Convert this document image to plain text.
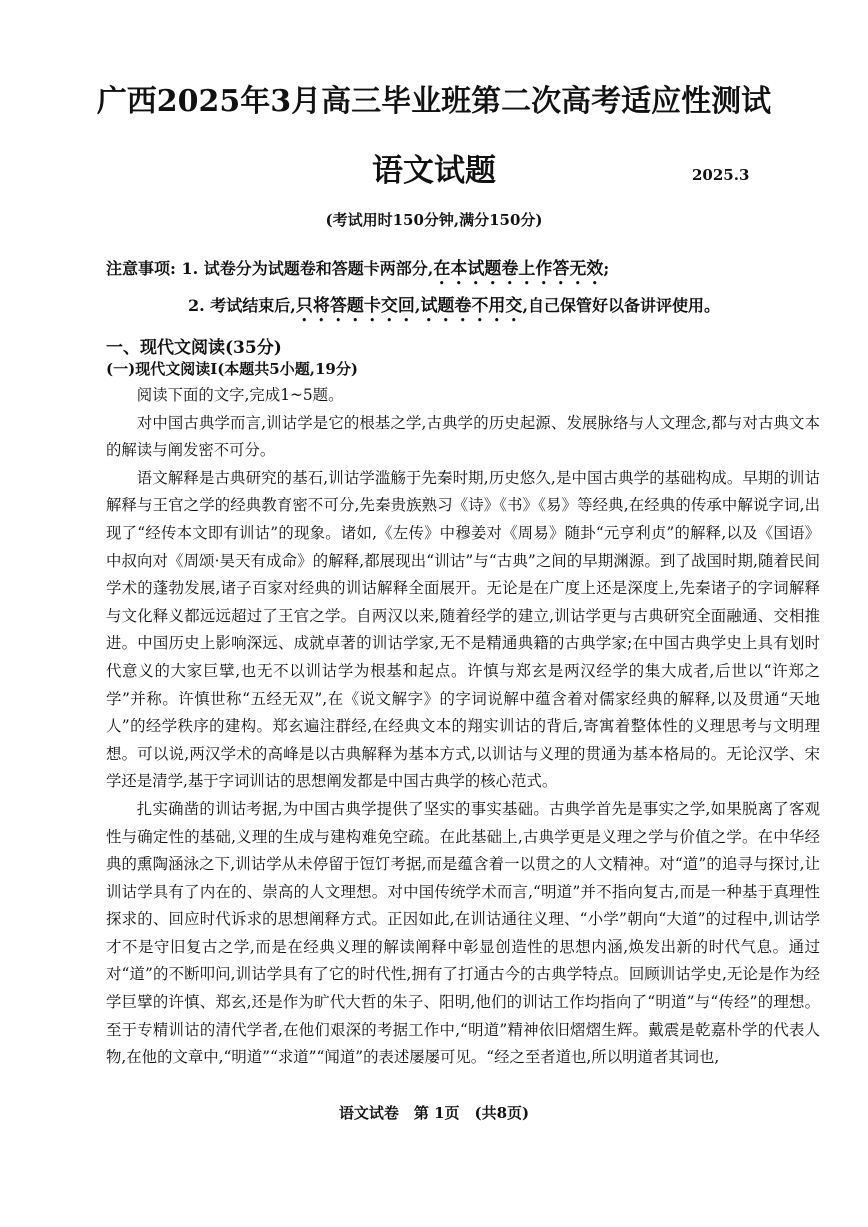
广西2025年3月高三毕业班第二次高考适应性测试
语文试题	2025.3
(考试用时150分钟,满分150分)
注意事项: 1. 试卷分为试题卷和答题卡两部分,在本试题卷上作答无效;
2. 考试结束后,只将答题卡交回,试题卷不用交,自己保管好以备讲评使用。
一、现代文阅读(35分)
(一)现代文阅读Ⅰ(本题共5小题,19分)

阅读下面的文字,完成1~5题。

对中国古典学而言,训诂学是它的根基之学,古典学的历史起源、发展脉络与人文理念,都与对古典文本的解读与阐发密不可分。

语文解释是古典研究的基石,训诂学滥觞于先秦时期,历史悠久,是中国古典学的基础构成。早期的训诂解释与王官之学的经典教育密不可分,先秦贵族熟习《诗》《书》《易》等经典,在经典的传承中解说字词,出现了“经传本文即有训诂”的现象。诸如,《左传》中穆姜对《周易》随卦“元亨利贞”的解释,以及《国语》中叔向对《周颂·昊天有成命》的解释,都展现出“训诂”与“古典”之间的早期渊源。到了战国时期,随着民间学术的蓬勃发展,诸子百家对经典的训诂解释全面展开。无论是在广度上还是深度上,先秦诸子的字词解释与文化释义都远远超过了王官之学。自两汉以来,随着经学的建立,训诂学更与古典研究全面融通、交相推进。中国历史上影响深远、成就卓著的训诂学家,无不是精通典籍的古典学家;在中国古典学史上具有划时代意义的大家巨擘,也无不以训诂学为根基和起点。许慎与郑玄是两汉经学的集大成者,后世以“许郑之学”并称。许慎世称“五经无双”,在《说文解字》的字词说解中蕴含着对儒家经典的解释,以及贯通“天地人”的经学秩序的建构。郑玄遍注群经,在经典文本的翔实训诂的背后,寄寓着整体性的义理思考与文明理想。可以说,两汉学术的高峰是以古典解释为基本方式,以训诂与义理的贯通为基本格局的。无论汉学、宋学还是清学,基于字词训诂的思想阐发都是中国古典学的核心范式。

扎实确凿的训诂考据,为中国古典学提供了坚实的事实基础。古典学首先是事实之学,如果脱离了客观性与确定性的基础,义理的生成与建构难免空疏。在此基础上,古典学更是义理之学与价值之学。在中华经典的熏陶涵泳之下,训诂学从未停留于饾饤考据,而是蕴含着一以贯之的人文精神。对“道”的追寻与探讨,让训诂学具有了内在的、崇高的人文理想。对中国传统学术而言,“明道”并不指向复古,而是一种基于真理性探求的、回应时代诉求的思想阐释方式。正因如此,在训诂通往义理、“小学”朝向“大道”的过程中,训诂学才不是守旧复古之学,而是在经典义理的解读阐释中彰显创造性的思想内涵,焕发出新的时代气息。通过对“道”的不断叩问,训诂学具有了它的时代性,拥有了打通古今的古典学特点。回顾训诂学史,无论是作为经学巨擘的许慎、郑玄,还是作为旷代大哲的朱子、阳明,他们的训诂工作均指向了“明道”与“传经”的理想。至于专精训诂的清代学者,在他们艰深的考据工作中,“明道”精神依旧熠熠生辉。戴震是乾嘉朴学的代表人物,在他的文章中,“明道”“求道”“闻道”的表述屡屡可见。“经之至者道也,所以明道者其词也,

语文试卷　第 1页　(共8页)
